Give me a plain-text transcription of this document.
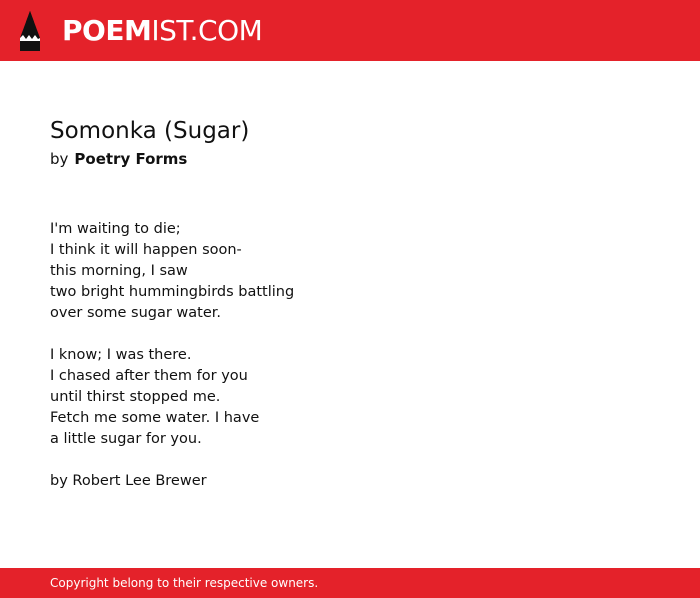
POEMIST.COM
Somonka (Sugar)
by Poetry Forms
I'm waiting to die;
I think it will happen soon-
this morning, I saw
two bright hummingbirds battling
over some sugar water.
I know; I was there.
I chased after them for you
until thirst stopped me.
Fetch me some water. I have
a little sugar for you.
by Robert Lee Brewer
Copyright belong to their respective owners.
